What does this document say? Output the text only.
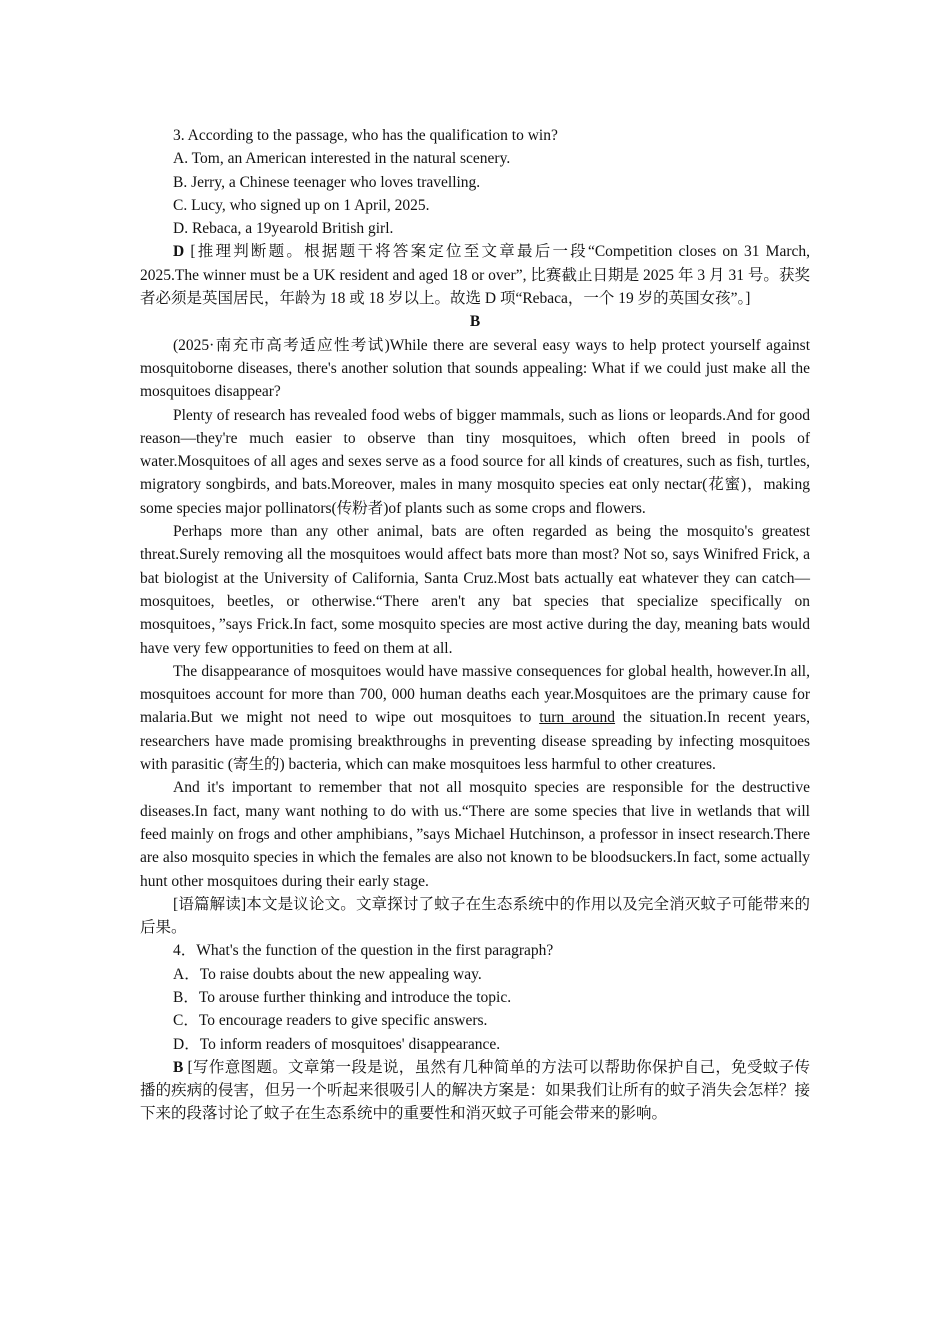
3. According to the passage, who has the qualification to win?

A. Tom, an American interested in the natural scenery.

B. Jerry, a Chinese teenager who loves travelling.

C. Lucy, who signed up on 1 April, 2025.

D. Rebaca, a 19yearold British girl.

D [推理判断题。根据题干将答案定位至文章最后一段“Competition closes on 31 March, 2025.The winner must be a UK resident and aged 18 or over”, 比赛截止日期是 2025 年 3 月 31 号。获奖者必须是英国居民，年龄为 18 或 18 岁以上。故选 D 项“Rebaca，一个 19 岁的英国女孩”。]

B

(2025·南充市高考适应性考试)While there are several easy ways to help protect yourself against mosquitoborne diseases, there's another solution that sounds appealing: What if we could just make all the mosquitoes disappear?

Plenty of research has revealed food webs of bigger mammals, such as lions or leopards.And for good reason—they're much easier to observe than tiny mosquitoes, which often breed in pools of water.Mosquitoes of all ages and sexes serve as a food source for all kinds of creatures, such as fish, turtles, migratory songbirds, and bats.Moreover, males in many mosquito species eat only nectar(花蜜)，making some species major pollinators(传粉者)of plants such as some crops and flowers.

Perhaps more than any other animal, bats are often regarded as being the mosquito's greatest threat.Surely removing all the mosquitoes would affect bats more than most? Not so, says Winifred Frick, a bat biologist at the University of California, Santa Cruz.Most bats actually eat whatever they can catch—mosquitoes, beetles, or otherwise.“There aren't any bat species that specialize specifically on mosquitoes，”says Frick.In fact, some mosquito species are most active during the day, meaning bats would have very few opportunities to feed on them at all.

The disappearance of mosquitoes would have massive consequences for global health, however.In all, mosquitoes account for more than 700, 000 human deaths each year.Mosquitoes are the primary cause for malaria.But we might not need to wipe out mosquitoes to turn around the situation.In recent years, researchers have made promising breakthroughs in preventing disease spreading by infecting mosquitoes with parasitic (寄生的) bacteria, which can make mosquitoes less harmful to other creatures.

And it's important to remember that not all mosquito species are responsible for the destructive diseases.In fact, many want nothing to do with us.“There are some species that live in wetlands that will feed mainly on frogs and other amphibians，”says Michael Hutchinson, a professor in insect research.There are also mosquito species in which the females are also not known to be bloodsuckers.In fact, some actually hunt other mosquitoes during their early stage.

[语篇解读]本文是议论文。文章探讨了蚊子在生态系统中的作用以及完全消灭蚊子可能带来的后果。

4．What's the function of the question in the first paragraph?

A．To raise doubts about the new appealing way.

B．To arouse further thinking and introduce the topic.

C．To encourage readers to give specific answers.

D．To inform readers of mosquitoes' disappearance.

B [写作意图题。文章第一段是说，虽然有几种简单的方法可以帮助你保护自己，免受蚊子传播的疾病的侵害，但另一个听起来很吸引人的解决方案是：如果我们让所有的蚊子消失会怎样？接下来的段落讨论了蚊子在生态系统中的重要性和消灭蚊子可能会带来的影响。
